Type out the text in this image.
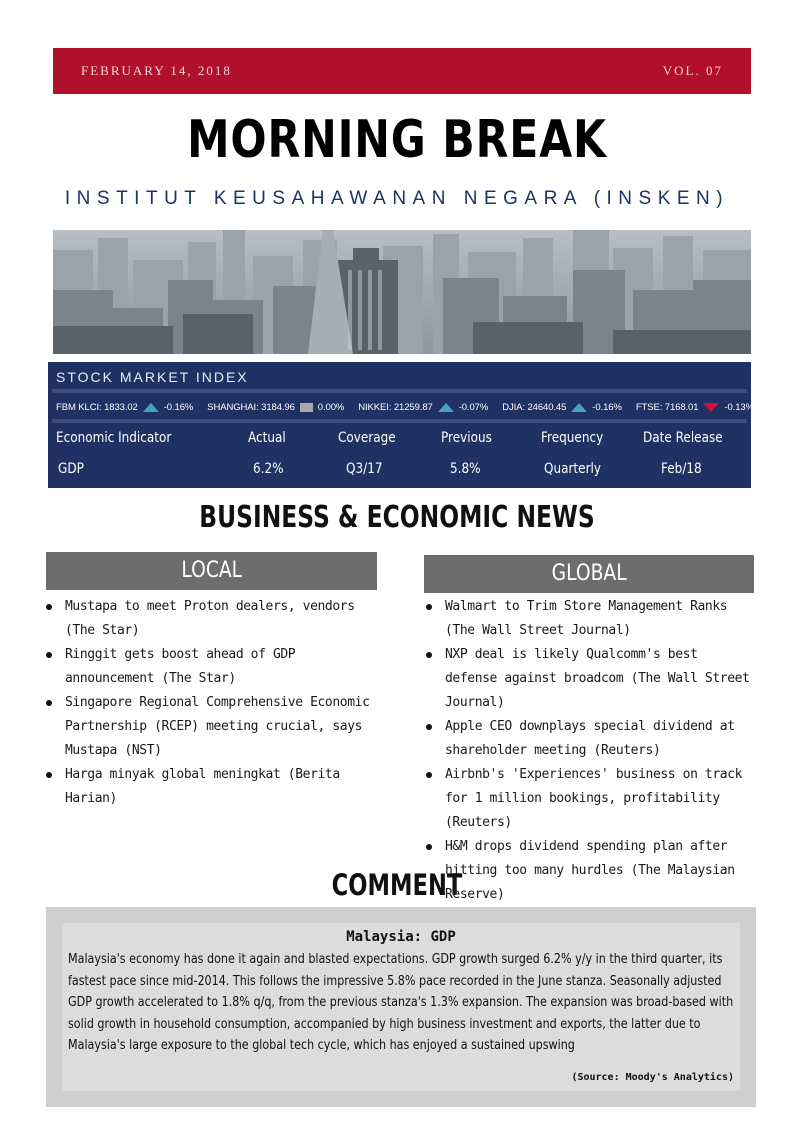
FEBRUARY 14, 2018	VOL. 07
MORNING BREAK
INSTITUT KEUSAHAWANAN NEGARA (INSKEN)
STOCK MARKET INDEX
FBM KLCI: 1833.02	-0.16% SHANGHAI: 3184.96 0.00% NIKKEI: 21259.87	-0.07% DJIA: 24640.45	-0.16% FTSE: 7168.01	-0.13%
Economic Indicator	Actual	Coverage	Previous	Frequency	Date Release
GDP	6.2%	Q3/17	5.8%	Quarterly	Feb/18
BUSINESS & ECONOMIC NEWS
LOCAL	GLOBAL
Mustapa to meet Proton dealers, vendors (The Star)
Ringgit gets boost ahead of GDP announcement (The Star)
Singapore Regional Comprehensive Economic Partnership (RCEP) meeting crucial, says Mustapa (NST)
Harga minyak global meningkat (Berita Harian)
Walmart to Trim Store Management Ranks (The Wall Street Journal)
NXP deal is likely Qualcomm's best defense against broadcom (The Wall Street Journal)
Apple CEO downplays special dividend at shareholder meeting (Reuters)
Airbnb's 'Experiences' business on track for 1 million bookings, profitability (Reuters)
H&M drops dividend spending plan after hitting too many hurdles (The Malaysian Reserve)
COMMENT
Malaysia: GDP
Malaysia's economy has done it again and blasted expectations. GDP growth surged 6.2% y/y in the third quarter, its fastest pace since mid-2014. This follows the impressive 5.8% pace recorded in the June stanza. Seasonally adjusted GDP growth accelerated to 1.8% q/q, from the previous stanza's 1.3% expansion. The expansion was broad-based with solid growth in household consumption, accompanied by high business investment and exports, the latter due to Malaysia's large exposure to the global tech cycle, which has enjoyed a sustained upswing
(Source: Moody's Analytics)
